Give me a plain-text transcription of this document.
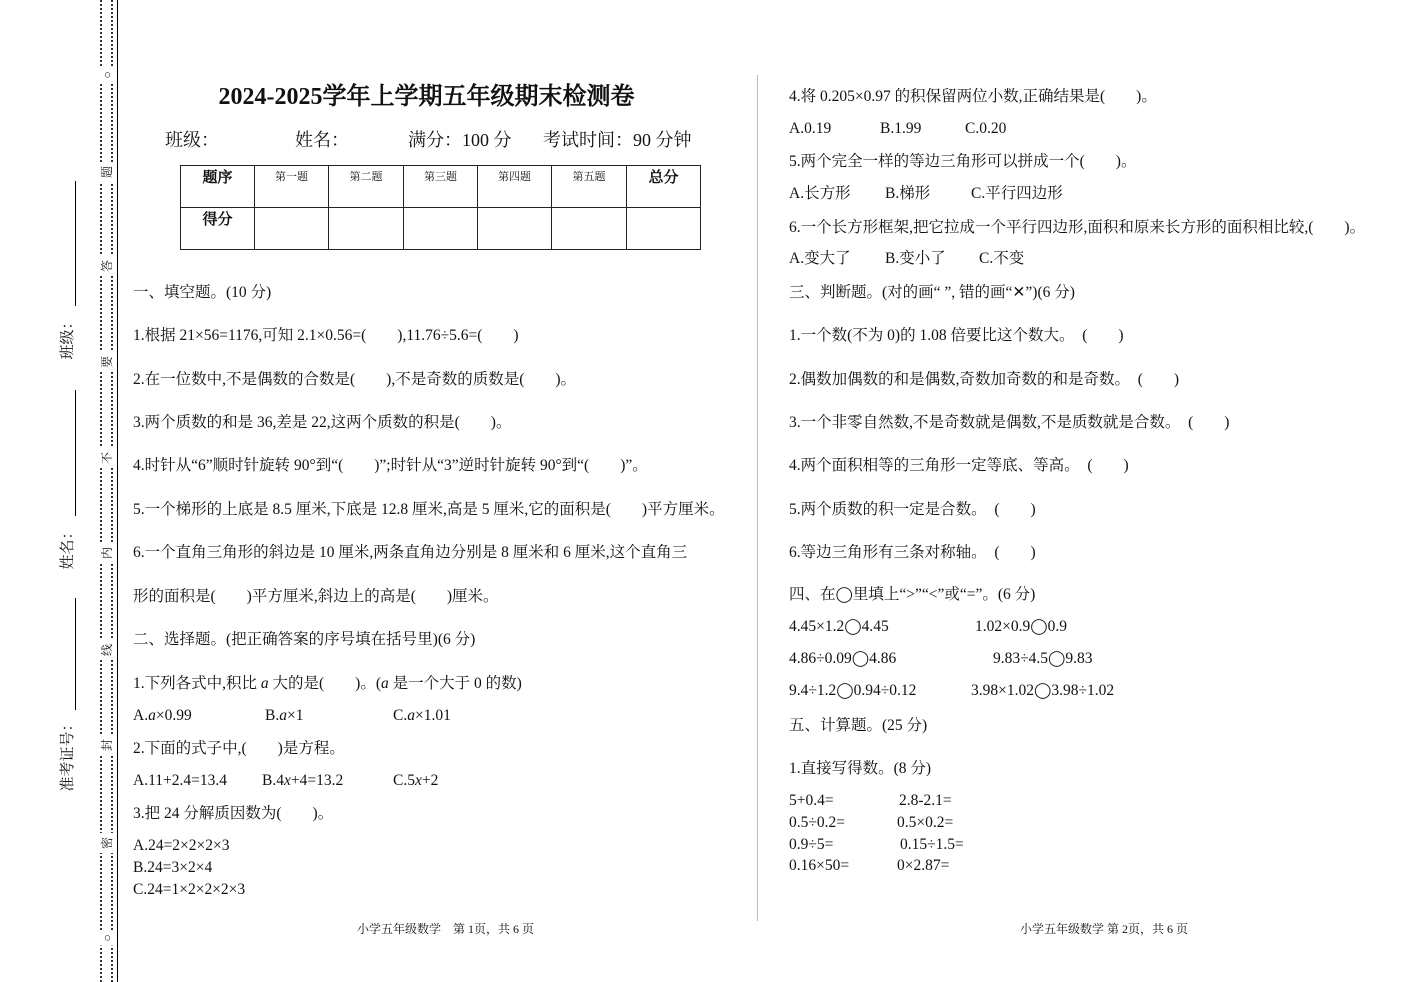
○
题
答
要
不
内
线
封
密
○
班级：
姓名：
准考证号：
2024-2025学年上学期五年级期末检测卷
班级：	姓名：	满分：100 分 考试时间：90 分钟
题序	第一题	第二题	第三题	第四题	第五题	总分
得分						
一、填空题。(10 分)
1.根据 21×56=1176,可知 2.1×0.56=(　　),11.76÷5.6=(　　)
2.在一位数中,不是偶数的合数是(　　),不是奇数的质数是(　　)。
3.两个质数的和是 36,差是 22,这两个质数的积是(　　)。
4.时针从“6”顺时针旋转 90°到“(　　)”;时针从“3”逆时针旋转 90°到“(　　)”。
5.一个梯形的上底是 8.5 厘米,下底是 12.8 厘米,高是 5 厘米,它的面积是(　　)平方厘米。
6.一个直角三角形的斜边是 10 厘米,两条直角边分别是 8 厘米和 6 厘米,这个直角三
形的面积是(　　)平方厘米,斜边上的高是(　　)厘米。
二、选择题。(把正确答案的序号填在括号里)(6 分)
1.下列各式中,积比 a 大的是(　　)。(a 是一个大于 0 的数)
A.a×0.99	B.a×1	C.a×1.01
2.下面的式子中,(　　)是方程。
A.11+2.4=13.4 B.4x+4=13.2	C.5x+2
3.把 24 分解质因数为(　　)。
A.24=2×2×2×3
B.24=3×2×4
C.24=1×2×2×2×3
小学五年级数学　第 1页，共 6 页
4.将 0.205×0.97 的积保留两位小数,正确结果是(　　)。
A.0.19	B.1.99	C.0.20
5.两个完全一样的等边三角形可以拼成一个(　　)。
A.长方形 B.梯形	C.平行四边形
6.一个长方形框架,把它拉成一个平行四边形,面积和原来长方形的面积相比较,(　　)。
A.变大了 B.变小了 C.不变
三、判断题。(对的画“ ”, 错的画“✕”)(6 分)
1.一个数(不为 0)的 1.08 倍要比这个数大。　(　　)
2.偶数加偶数的和是偶数,奇数加奇数的和是奇数。　(　　)
3.一个非零自然数,不是奇数就是偶数,不是质数就是合数。　(　　)
4.两个面积相等的三角形一定等底、等高。　(　　)
5.两个质数的积一定是合数。　(　　)
6.等边三角形有三条对称轴。　(　　)
四、在◯里填上“>”“<”或“=”。(6 分)
4.45×1.2◯4.45	1.02×0.9◯0.9
4.86÷0.09◯4.86	9.83÷4.5◯9.83
9.4÷1.2◯0.94÷0.12	3.98×1.02◯3.98÷1.02
五、计算题。(25 分)
1.直接写得数。(8 分)
5+0.4=	2.8-2.1=
0.5÷0.2=	0.5×0.2=
0.9÷5=	0.15÷1.5=
0.16×50=	0×2.87=
小学五年级数学 第 2页，共 6 页
